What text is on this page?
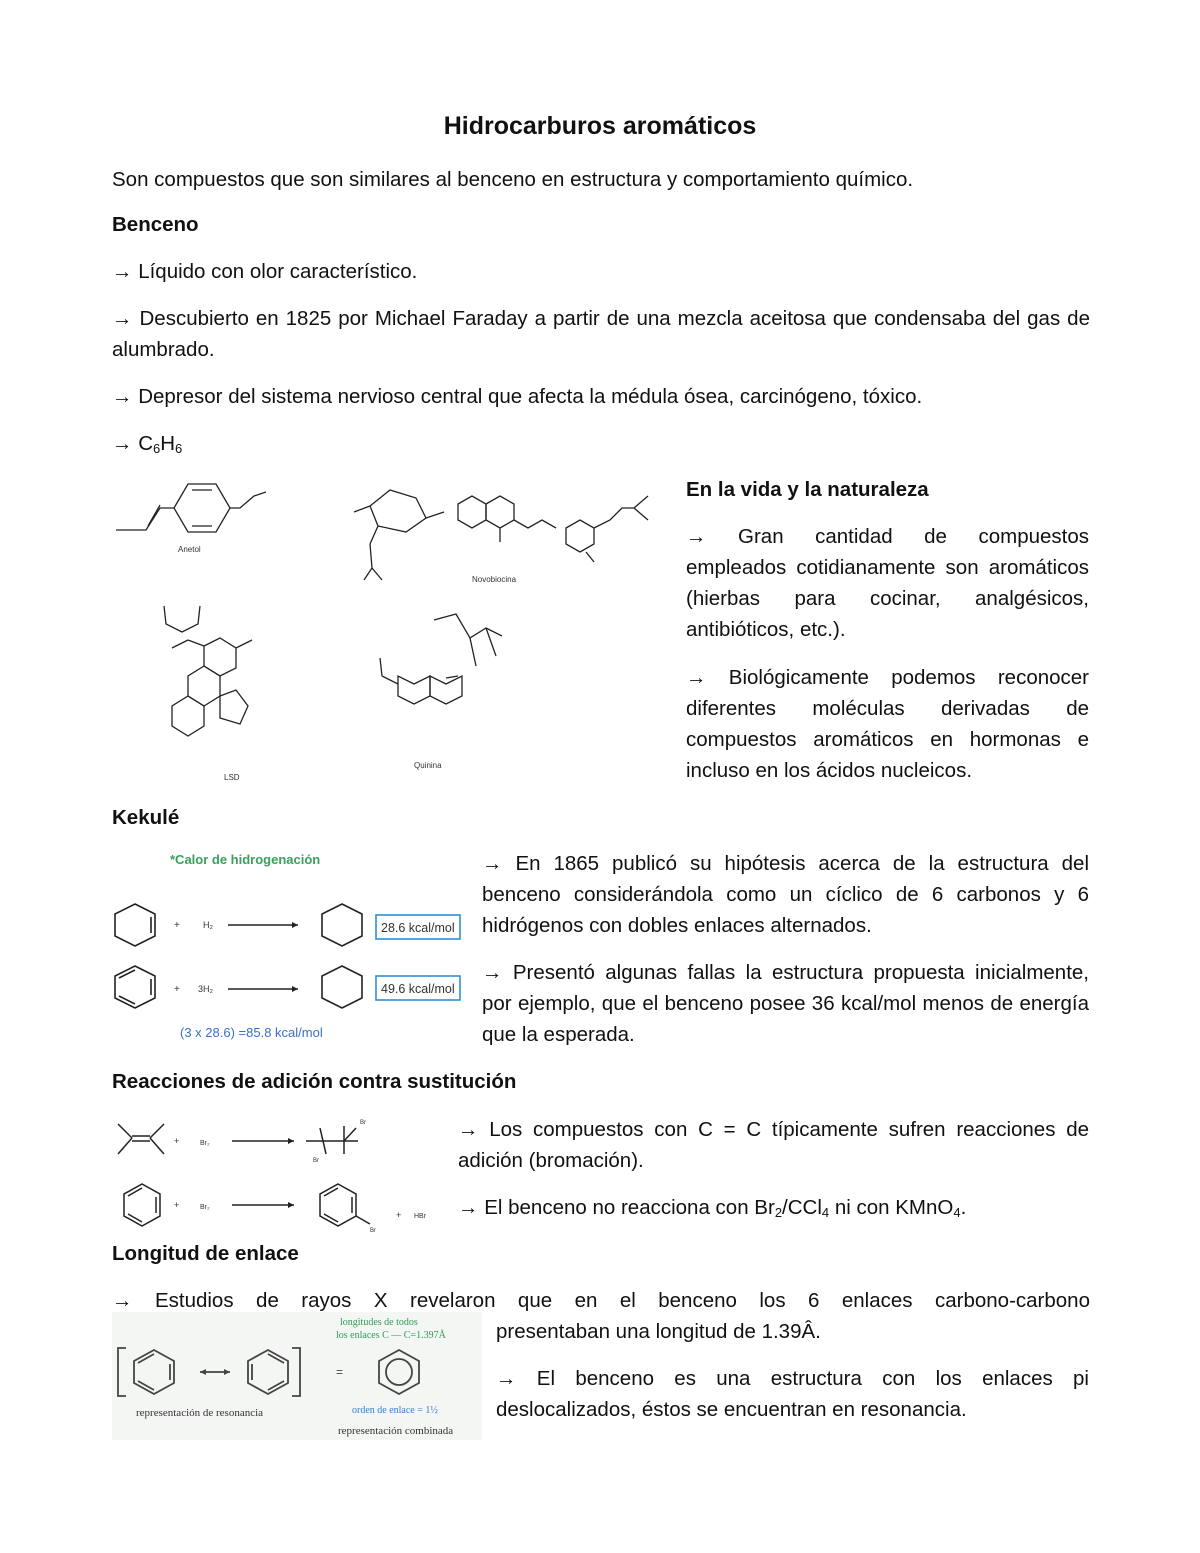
Hidrocarburos aromáticos
Son compuestos que son similares al benceno en estructura y comportamiento químico.
Benceno
→ Líquido con olor característico.
→ Descubierto en 1825 por Michael Faraday a partir de una mezcla aceitosa que condensaba del gas de alumbrado.
→ Depresor del sistema nervioso central que afecta la médula ósea, carcinógeno, tóxico.
→ $C_6H_6$
Anetol
Novobiocina
LSD
Quinina
En la vida y la naturaleza
→ Gran cantidad de compuestos empleados cotidianamente son aromáticos (hierbas para cocinar, analgésicos, antibióticos, etc.).
→ Biológicamente podemos reconocer diferentes moléculas derivadas de compuestos aromáticos en hormonas e incluso en los ácidos nucleicos.
Kekulé
*Calor de hidrogenación
+	H₂
+ 3H₂
28.6 kcal/mol
49.6 kcal/mol
(3 x 28.6) =85.8 kcal/mol
→ En 1865 publicó su hipótesis acerca de la estructura del benceno considerándola como un cíclico de 6 carbonos y 6 hidrógenos con dobles enlaces alternados.
→ Presentó algunas fallas la estructura propuesta inicialmente, por ejemplo, que el benceno posee 36 kcal/mol menos de energía que la esperada.
Reacciones de adición contra sustitución
+	Br₂
Br
Br
+	Br₂
Br
+ HBr
→ Los compuestos con C = C típicamente sufren reacciones de adición (bromación).
→ El benceno no reacciona con $Br_2/CCl_4$ ni con KMnO$_4$.
Longitud de enlace
→ Estudios de rayos X revelaron que en el benceno los 6 enlaces carbono-carbono
=
longitudes de todos
los enlaces C — C=1.397Å
representación de resonancia	orden de enlace = 1½
representación combinada
presentaban una longitud de 1.39Â.
→ El benceno es una estructura con los enlaces pi deslocalizados, éstos se encuentran en resonancia.
